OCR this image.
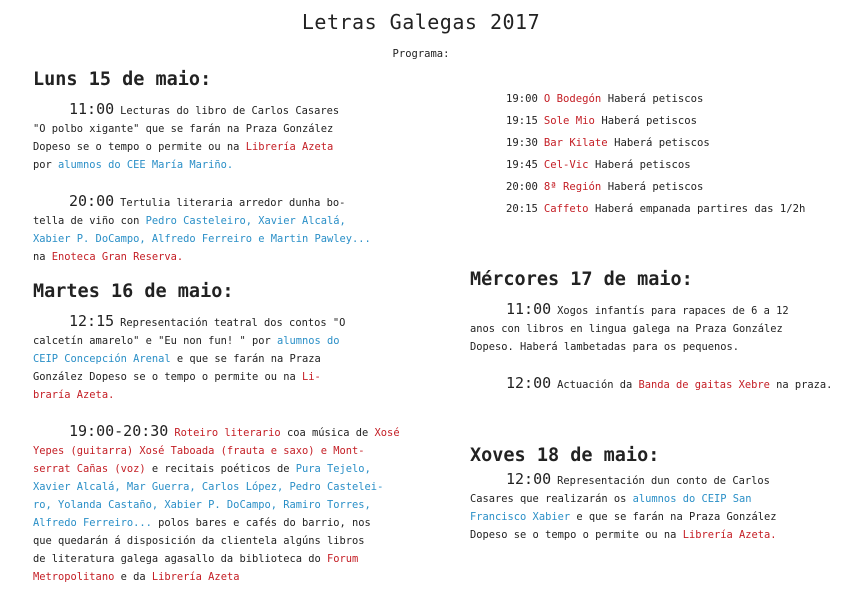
Letras Galegas 2017
Programa:
Luns 15 de maio:
11:00 Lecturas do libro de Carlos Casares
"O polbo xigante" que se farán na Praza González
Dopeso se o tempo o permite ou na Librería Azeta
por alumnos do CEE María Mariño.
20:00 Tertulia literaria arredor dunha bo-
tella de viño con Pedro Casteleiro, Xavier Alcalá,
Xabier P. DoCampo, Alfredo Ferreiro e Martin Pawley...
na Enoteca Gran Reserva.
Martes 16 de maio:
12:15 Representación teatral dos contos "O
calcetín amarelo" e "Eu non fun! " por alumnos do
CEIP Concepción Arenal e que se farán na Praza
González Dopeso se o tempo o permite ou na Li-
braría Azeta.
19:00-20:30 Roteiro literario coa música de Xosé
Yepes (guitarra) Xosé Taboada (frauta e saxo) e Mont-
serrat Cañas (voz) e recitais poéticos de Pura Tejelo,
Xavier Alcalá, Mar Guerra, Carlos López, Pedro Castelei-
ro, Yolanda Castaño, Xabier P. DoCampo, Ramiro Torres,
Alfredo Ferreiro... polos bares e cafés do barrio, nos
que quedarán á disposición da clientela algúns libros
de literatura galega agasallo da biblioteca do Forum
Metropolitano e da Librería Azeta
19:00 O Bodegón Haberá petiscos
19:15 Sole Mio Haberá petiscos
19:30 Bar Kilate Haberá petiscos
19:45 Cel-Vic Haberá petiscos
20:00 8ª Región Haberá petiscos
20:15 Caffeto Haberá empanada partires das 1/2h
Mércores 17 de maio:
11:00 Xogos infantís para rapaces de 6 a 12
anos con libros en lingua galega na Praza González
Dopeso. Haberá lambetadas para os pequenos.
12:00 Actuación da Banda de gaitas Xebre na praza.
Xoves 18 de maio:
12:00 Representación dun conto de Carlos
Casares que realizarán os alumnos do CEIP San
Francisco Xabier e que se farán na Praza González
Dopeso se o tempo o permite ou na Librería Azeta.
